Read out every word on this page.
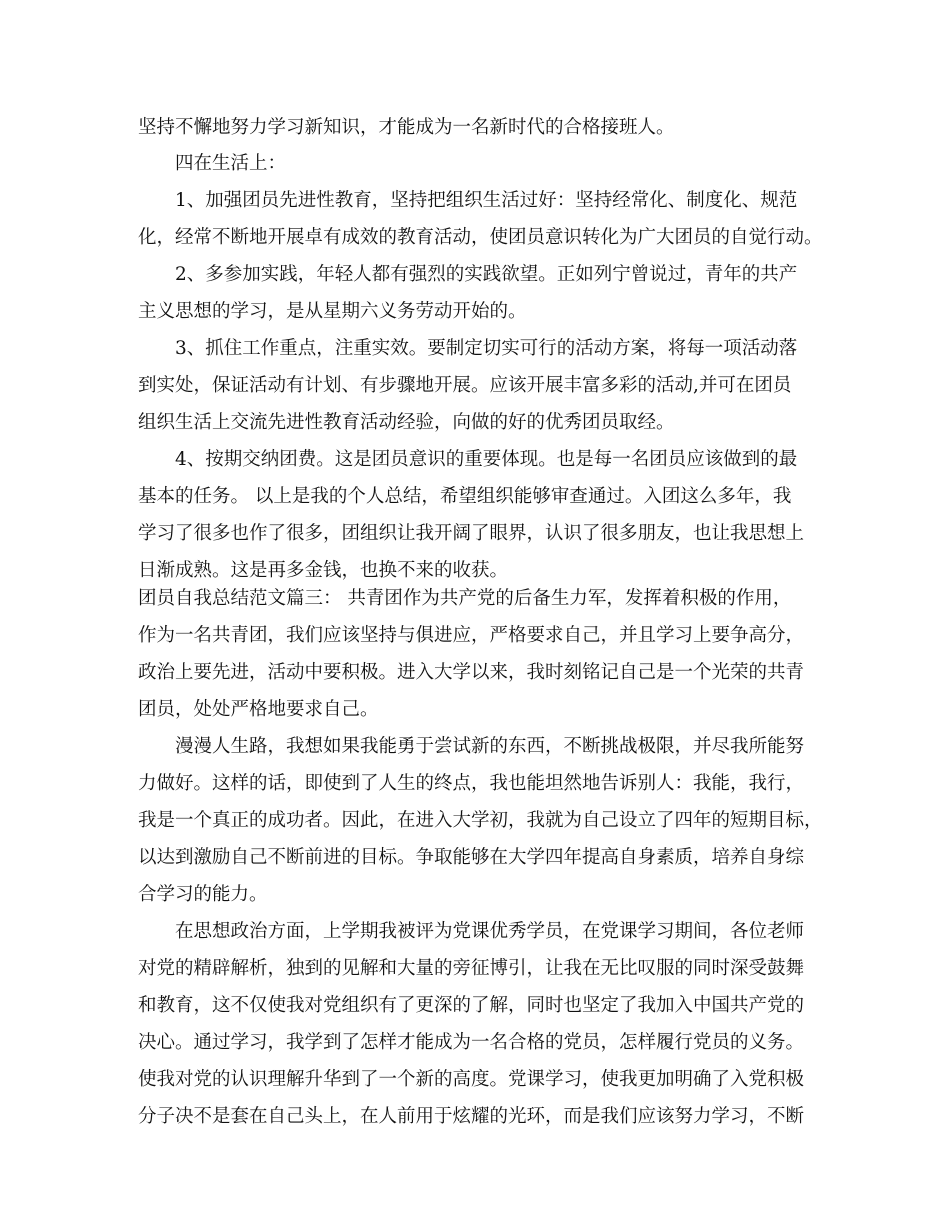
坚持不懈地努力学习新知识，才能成为一名新时代的合格接班人。
四在生活上：
1、加强团员先进性教育，坚持把组织生活过好：坚持经常化、制度化、规范
化，经常不断地开展卓有成效的教育活动，使团员意识转化为广大团员的自觉行动。
2、多参加实践，年轻人都有强烈的实践欲望。正如列宁曾说过，青年的共产
主义思想的学习，是从星期六义务劳动开始的。
3、抓住工作重点，注重实效。要制定切实可行的活动方案，将每一项活动落
到实处，保证活动有计划、有步骤地开展。应该开展丰富多彩的活动,并可在团员
组织生活上交流先进性教育活动经验，向做的好的优秀团员取经。
4、按期交纳团费。这是团员意识的重要体现。也是每一名团员应该做到的最
基本的任务。 以上是我的个人总结，希望组织能够审查通过。入团这么多年，我
学习了很多也作了很多，团组织让我开阔了眼界，认识了很多朋友，也让我思想上
日渐成熟。这是再多金钱，也换不来的收获。
团员自我总结范文篇三： 共青团作为共产党的后备生力军，发挥着积极的作用，
作为一名共青团，我们应该坚持与俱进应，严格要求自己，并且学习上要争高分，
政治上要先进，活动中要积极。进入大学以来，我时刻铭记自己是一个光荣的共青
团员，处处严格地要求自己。
漫漫人生路，我想如果我能勇于尝试新的东西，不断挑战极限，并尽我所能努
力做好。这样的话，即使到了人生的终点，我也能坦然地告诉别人：我能，我行，
我是一个真正的成功者。因此，在进入大学初，我就为自己设立了四年的短期目标，
以达到激励自己不断前进的目标。争取能够在大学四年提高自身素质，培养自身综
合学习的能力。
在思想政治方面，上学期我被评为党课优秀学员，在党课学习期间，各位老师
对党的精辟解析，独到的见解和大量的旁征博引，让我在无比叹服的同时深受鼓舞
和教育，这不仅使我对党组织有了更深的了解，同时也坚定了我加入中国共产党的
决心。通过学习，我学到了怎样才能成为一名合格的党员，怎样履行党员的义务。
使我对党的认识理解升华到了一个新的高度。党课学习，使我更加明确了入党积极
分子决不是套在自己头上，在人前用于炫耀的光环，而是我们应该努力学习，不断
